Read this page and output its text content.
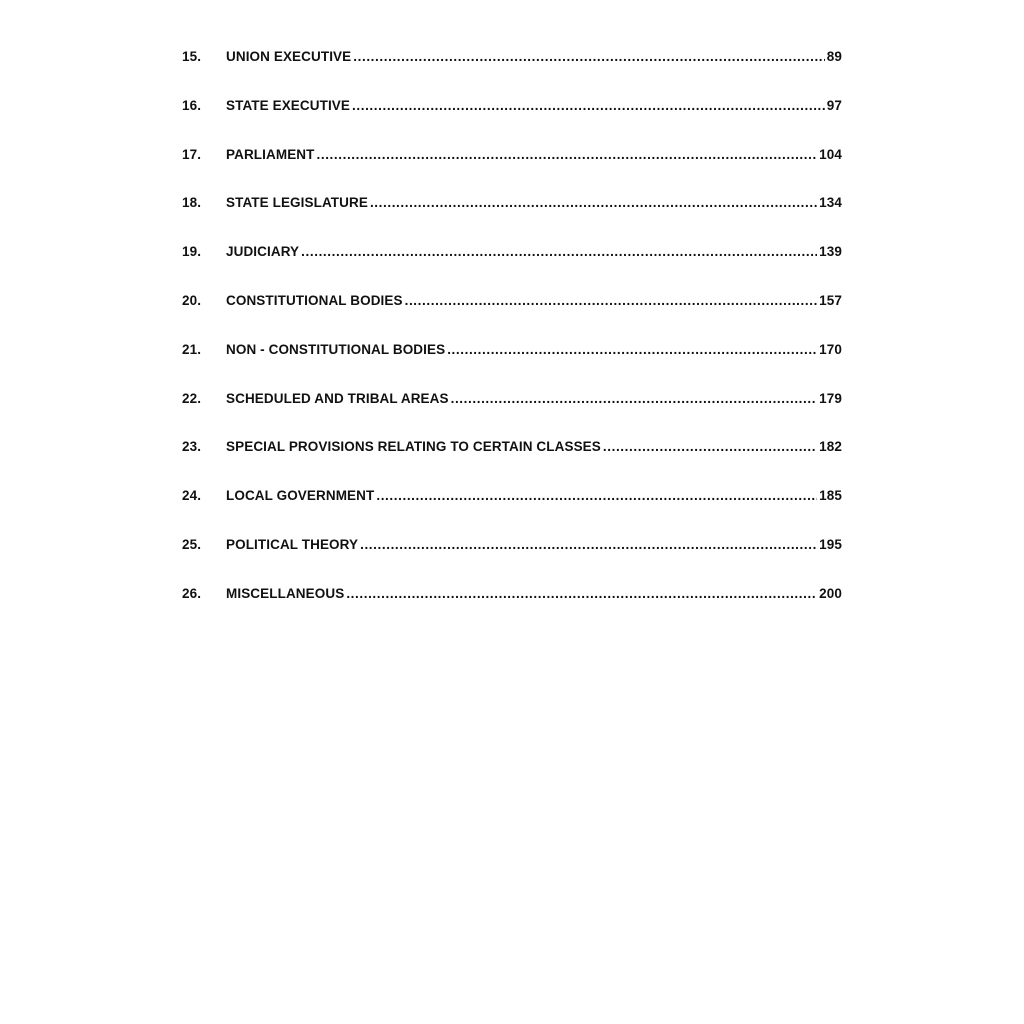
15.	UNION EXECUTIVE .....	89
16.	STATE EXECUTIVE .....	97
17.	PARLIAMENT .....	104
18.	STATE LEGISLATURE .....	134
19.	JUDICIARY .....	139
20.	CONSTITUTIONAL BODIES .....	157
21.	NON - CONSTITUTIONAL BODIES .....	170
22.	SCHEDULED AND TRIBAL AREAS .....	179
23.	SPECIAL PROVISIONS RELATING TO CERTAIN CLASSES .....	182
24.	LOCAL GOVERNMENT .....	185
25.	POLITICAL THEORY .....	195
26.	MISCELLANEOUS .....	200
